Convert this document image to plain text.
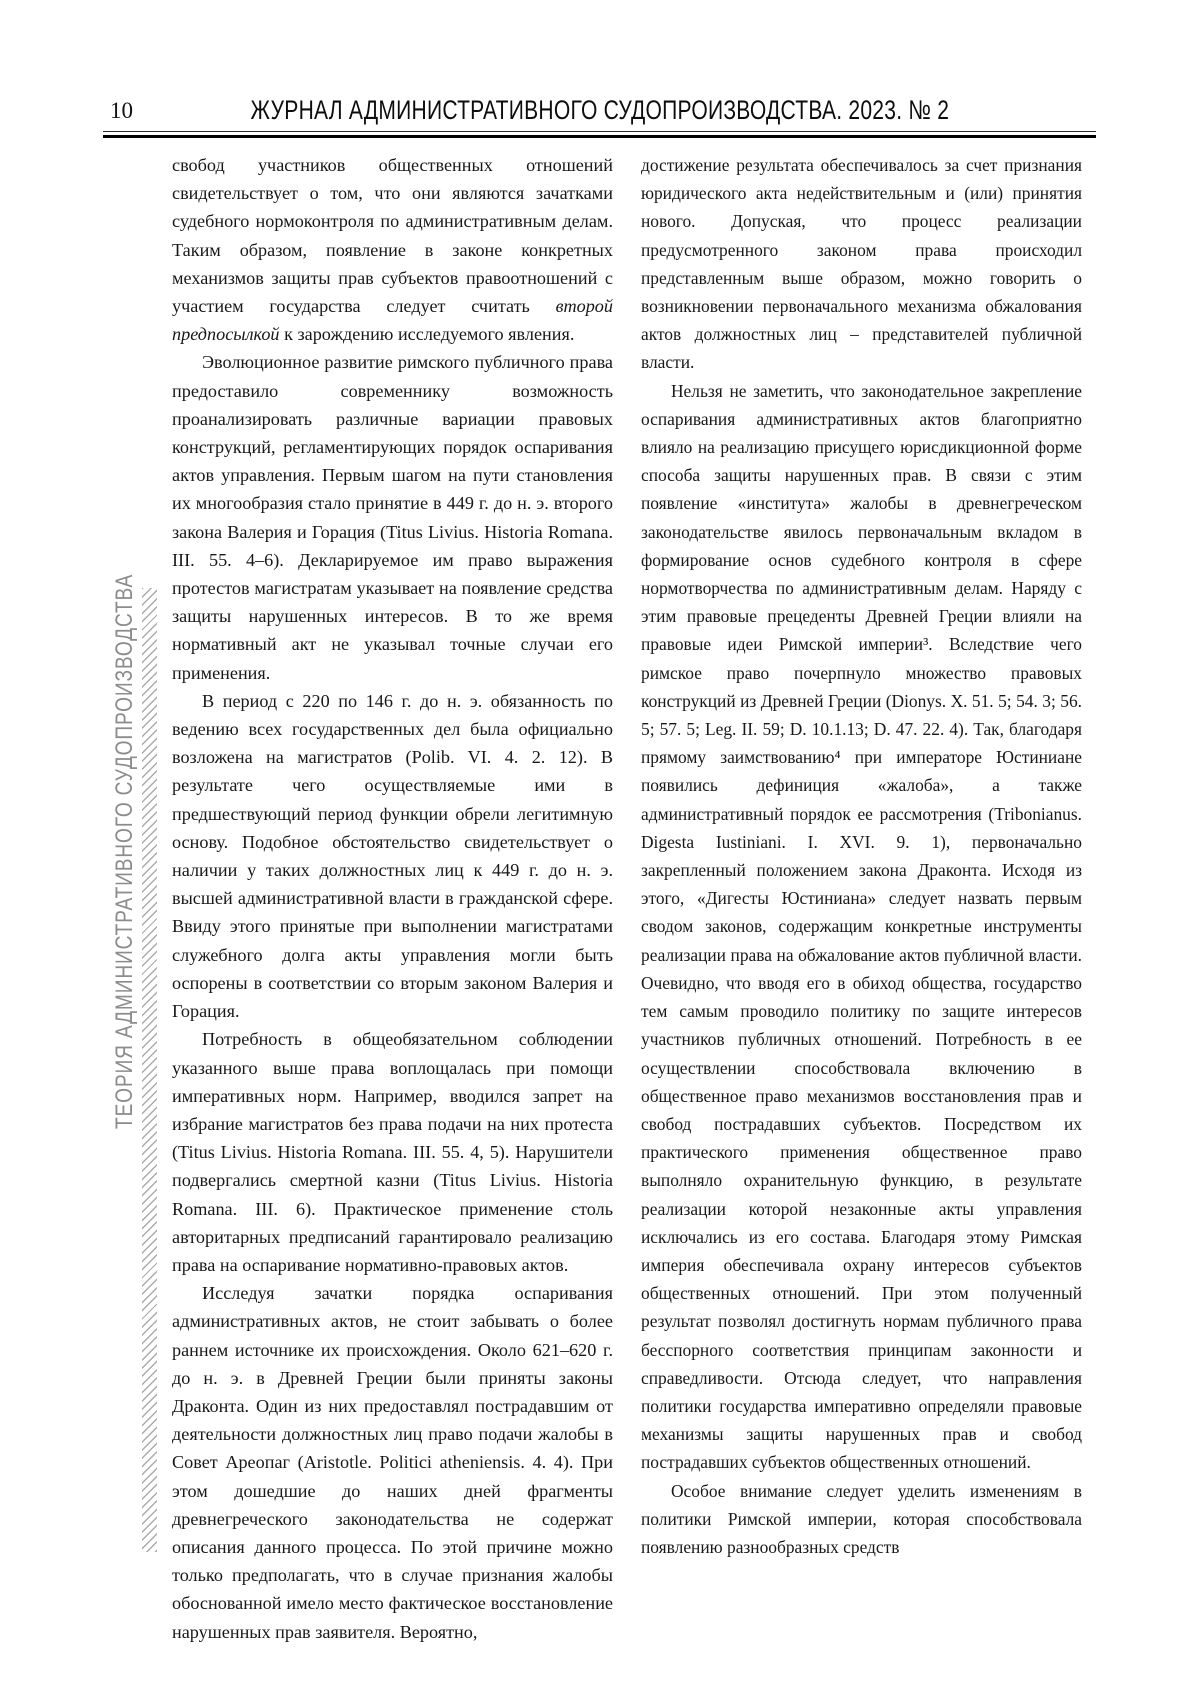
10	ЖУРНАЛ АДМИНИСТРАТИВНОГО СУДОПРОИЗВОДСТВА. 2023. № 2
ТЕОРИЯ АДМИНИСТРАТИВНОГО СУДОПРОИЗВОДСТВА

свобод участников общественных отношений свидетельствует о том, что они являются зачатками судебного нормоконтроля по административным делам. Таким образом, появление в законе конкретных механизмов защиты прав субъектов правоотношений с участием государства следует считать второй предпосылкой к зарождению исследуемого явления.

Эволюционное развитие римского публичного права предоставило современнику возможность проанализировать различные вариации правовых конструкций, регламентирующих порядок оспаривания актов управления. Первым шагом на пути становления их многообразия стало принятие в 449 г. до н. э. второго закона Валерия и Горация (Titus Livius. Historia Romana. III. 55. 4–6). Декларируемое им право выражения протестов магистратам указывает на появление средства защиты нарушенных интересов. В то же время нормативный акт не указывал точные случаи его применения.

В период с 220 по 146 г. до н. э. обязанность по ведению всех государственных дел была официально возложена на магистратов (Polib. VI. 4. 2. 12). В результате чего осуществляемые ими в предшествующий период функции обрели легитимную основу. Подобное обстоятельство свидетельствует о наличии у таких должностных лиц к 449 г. до н. э. высшей административной власти в гражданской сфере. Ввиду этого принятые при выполнении магистратами служебного долга акты управления могли быть оспорены в соответствии со вторым законом Валерия и Горация.

Потребность в общеобязательном соблюдении указанного выше права воплощалась при помощи императивных норм. Например, вводился запрет на избрание магистратов без права подачи на них протеста (Titus Livius. Historia Romana. III. 55. 4, 5). Нарушители подвергались смертной казни (Titus Livius. Historia Romana. III. 6). Практическое применение столь авторитарных предписаний гарантировало реализацию права на оспаривание нормативно-правовых актов.

Исследуя зачатки порядка оспаривания административных актов, не стоит забывать о более раннем источнике их происхождения. Около 621–620 г. до н. э. в Древней Греции были приняты законы Драконта. Один из них предоставлял пострадавшим от деятельности должностных лиц право подачи жалобы в Совет Ареопаг (Aristotle. Politici atheniensis. 4. 4). При этом дошедшие до наших дней фрагменты древнегреческого законодательства не содержат описания данного процесса. По этой причине можно только предполагать, что в случае признания жалобы обоснованной имело место фактическое восстановление нарушенных прав заявителя. Вероятно,

достижение результата обеспечивалось за счет признания юридического акта недействительным и (или) принятия нового. Допуская, что процесс реализации предусмотренного законом права происходил представленным выше образом, можно говорить о возникновении первоначального механизма обжалования актов должностных лиц – представителей публичной власти.

Нельзя не заметить, что законодательное закрепление оспаривания административных актов благоприятно влияло на реализацию присущего юрисдикционной форме способа защиты нарушенных прав. В связи с этим появление «института» жалобы в древнегреческом законодательстве явилось первоначальным вкладом в формирование основ судебного контроля в сфере нормотворчества по административным делам. Наряду с этим правовые прецеденты Древней Греции влияли на правовые идеи Римской империи³. Вследствие чего римское право почерпнуло множество правовых конструкций из Древней Греции (Dionys. X. 51. 5; 54. 3; 56. 5; 57. 5; Leg. II. 59; D. 10.1.13; D. 47. 22. 4). Так, благодаря прямому заимствованию⁴ при императоре Юстиниане появились дефиниция «жалоба», а также административный порядок ее рассмотрения (Tribonianus. Digesta Iustiniani. I. XVI. 9. 1), первоначально закрепленный положением закона Драконта. Исходя из этого, «Дигесты Юстиниана» следует назвать первым сводом законов, содержащим конкретные инструменты реализации права на обжалование актов публичной власти. Очевидно, что вводя его в обиход общества, государство тем самым проводило политику по защите интересов участников публичных отношений. Потребность в ее осуществлении способствовала включению в общественное право механизмов восстановления прав и свобод пострадавших субъектов. Посредством их практического применения общественное право выполняло охранительную функцию, в результате реализации которой незаконные акты управления исключались из его состава. Благодаря этому Римская империя обеспечивала охрану интересов субъектов общественных отношений. При этом полученный результат позволял достигнуть нормам публичного права бесспорного соответствия принципам законности и справедливости. Отсюда следует, что направления политики государства императивно определяли правовые механизмы защиты нарушенных прав и свобод пострадавших субъектов общественных отношений.

Особое внимание следует уделить изменениям в политики Римской империи, которая способствовала появлению разнообразных средств
